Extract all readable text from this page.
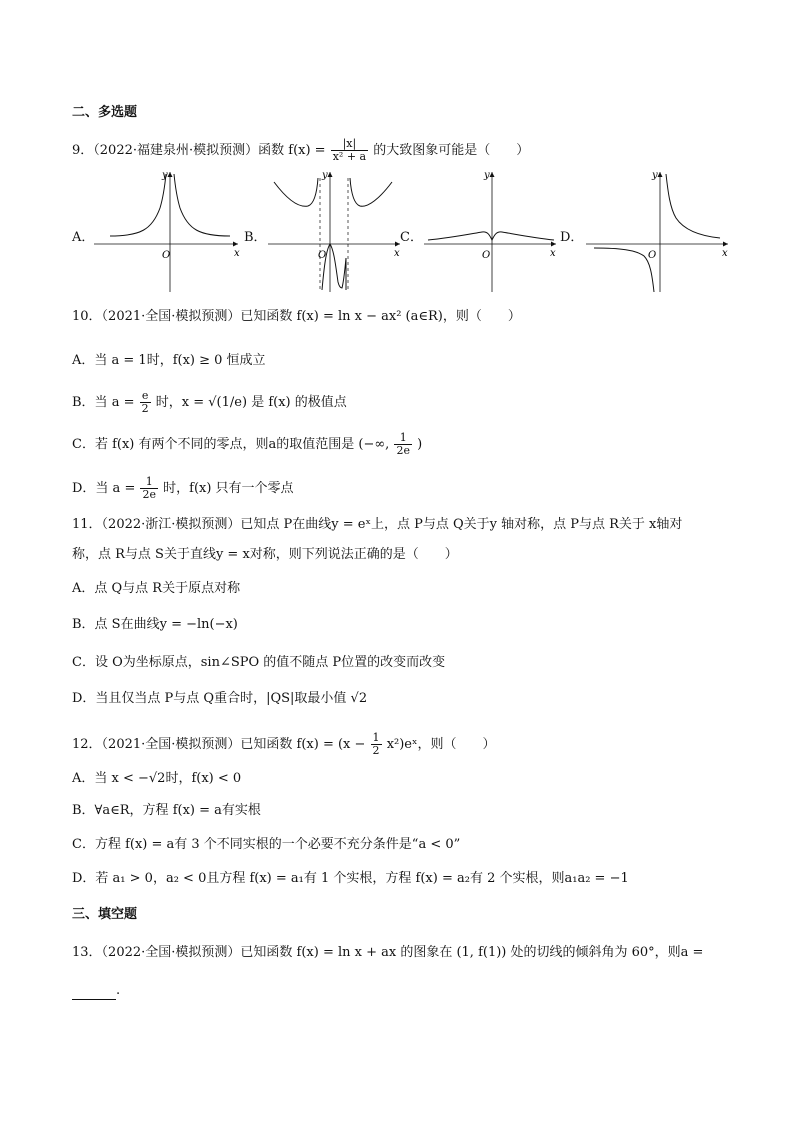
二、多选题
9．（2022·福建泉州·模拟预测）函数 $f(x) = \frac{|x|}{\text{x² + a}}$ 的大致图象可能是（　　）
A．
y
O	x
B．
y
O	x
C．
y
O	x
D．
y
O	x
10．（2021·全国·模拟预测）已知函数 f(x) = ln x − ax² (a∈R)，则（　　）
A．当 a = 1时，f(x) ≥ 0 恒成立
B．当 $a = \frac{e}{2}$ 时，x = √(1/e) 是 f(x) 的极值点
C．若 f(x) 有两个不同的零点，则a的取值范围是 (−∞, $\frac{1}{2e}$ )
D．当 $a = \frac{1}{2e}$ 时，f(x) 只有一个零点
11．（2022·浙江·模拟预测）已知点 P在曲线y = eˣ上，点 P与点 Q关于y 轴对称，点 P与点 R关于 x轴对
称，点 R与点 S关于直线y = x对称，则下列说法正确的是（　　）
A．点 Q与点 R关于原点对称
B．点 S在曲线y = −ln(−x)
C．设 O为坐标原点，sin∠SPO 的值不随点 P位置的改变而改变
D．当且仅当点 P与点 Q重合时，|QS|取最小值 √2
12．（2021·全国·模拟预测）已知函数 $f(x) = (x - \frac{1}{2}$ x²)eˣ，则（　　）
A．当 x < −√2时，f(x) < 0
B．∀a∈R，方程 f(x) = a有实根
C．方程 f(x) = a有 3 个不同实根的一个必要不充分条件是“a < 0”
D．若 a₁ > 0，a₂ < 0且方程 f(x) = a₁有 1 个实根，方程 f(x) = a₂有 2 个实根，则a₁a₂ = −1
三、填空题
13．（2022·全国·模拟预测）已知函数 f(x) = ln x + ax 的图象在 (1, f(1)) 处的切线的倾斜角为 60°，则a =
.
